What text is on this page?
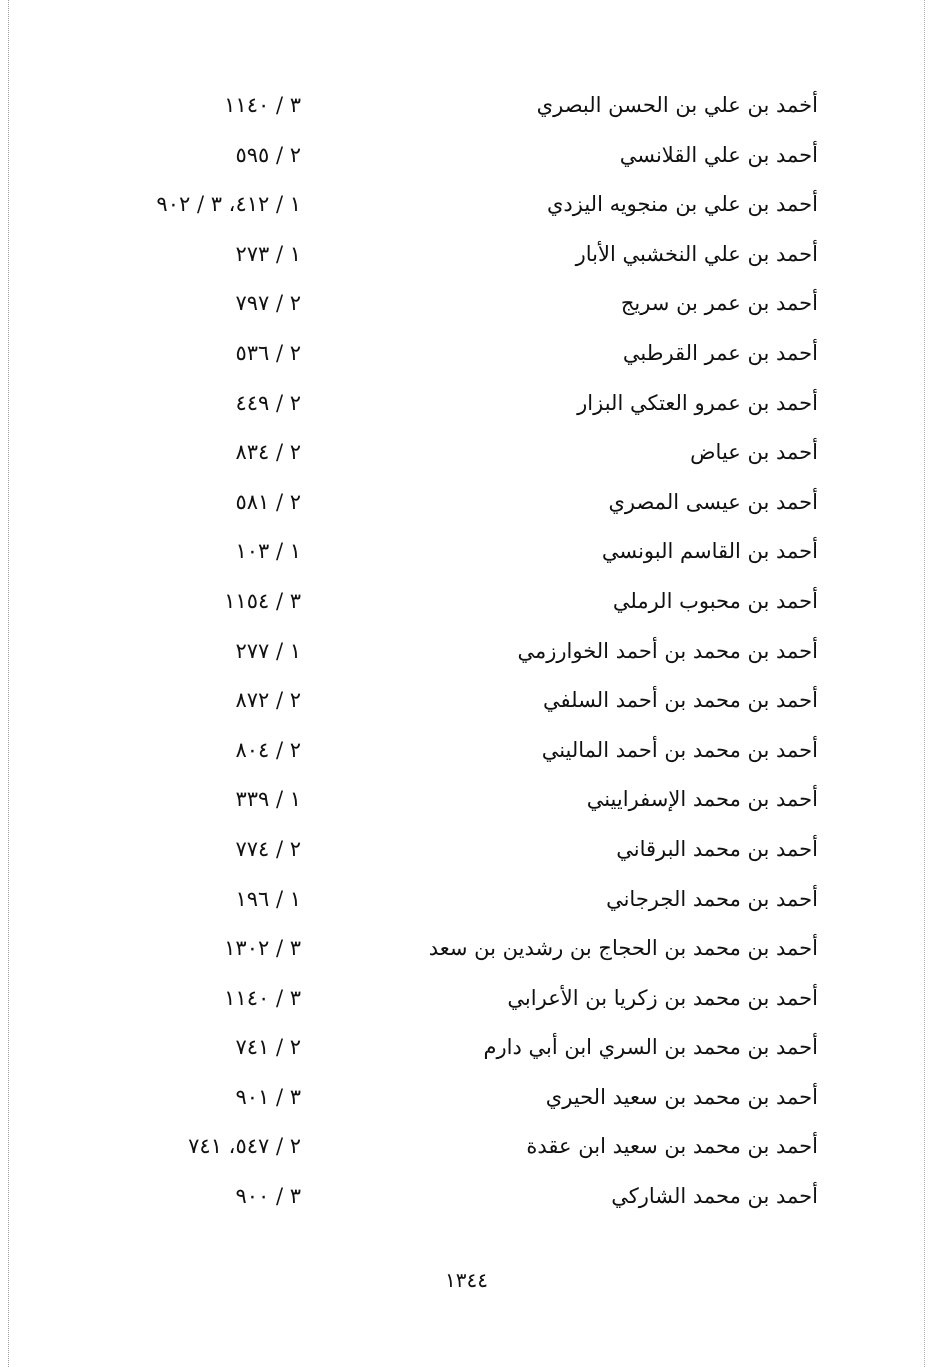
أخمد بن علي بن الحسن البصري
٣ / ١١٤٠
أحمد بن علي القلانسي
٢ / ٥٩٥
أحمد بن علي بن منجويه اليزدي
١ / ٤١٢، ٣ / ٩٠٢
أحمد بن علي النخشبي الأبار
١ / ٢٧٣
أحمد بن عمر بن سريج
٢ / ٧٩٧
أحمد بن عمر القرطبي
٢ / ٥٣٦
أحمد بن عمرو العتكي البزار
٢ / ٤٤٩
أحمد بن عياض
٢ / ٨٣٤
أحمد بن عيسى المصري
٢ / ٥٨١
أحمد بن القاسم البونسي
١ / ١٠٣
أحمد بن محبوب الرملي
٣ / ١١٥٤
أحمد بن محمد بن أحمد الخوارزمي
١ / ٢٧٧
أحمد بن محمد بن أحمد السلفي
٢ / ٨٧٢
أحمد بن محمد بن أحمد الماليني
٢ / ٨٠٤
أحمد بن محمد الإسفراييني
١ / ٣٣٩
أحمد بن محمد البرقاني
٢ / ٧٧٤
أحمد بن محمد الجرجاني
١ / ١٩٦
أحمد بن محمد بن الحجاج بن رشدين بن سعد
٣ / ١٣٠٢
أحمد بن محمد بن زكريا بن الأعرابي
٣ / ١١٤٠
أحمد بن محمد بن السري ابن أبي دارم
٢ / ٧٤١
أحمد بن محمد بن سعيد الحيري
٣ / ٩٠١
أحمد بن محمد بن سعيد ابن عقدة
٢ / ٥٤٧، ٧٤١
أحمد بن محمد الشاركي
٣ / ٩٠٠
١٣٤٤
